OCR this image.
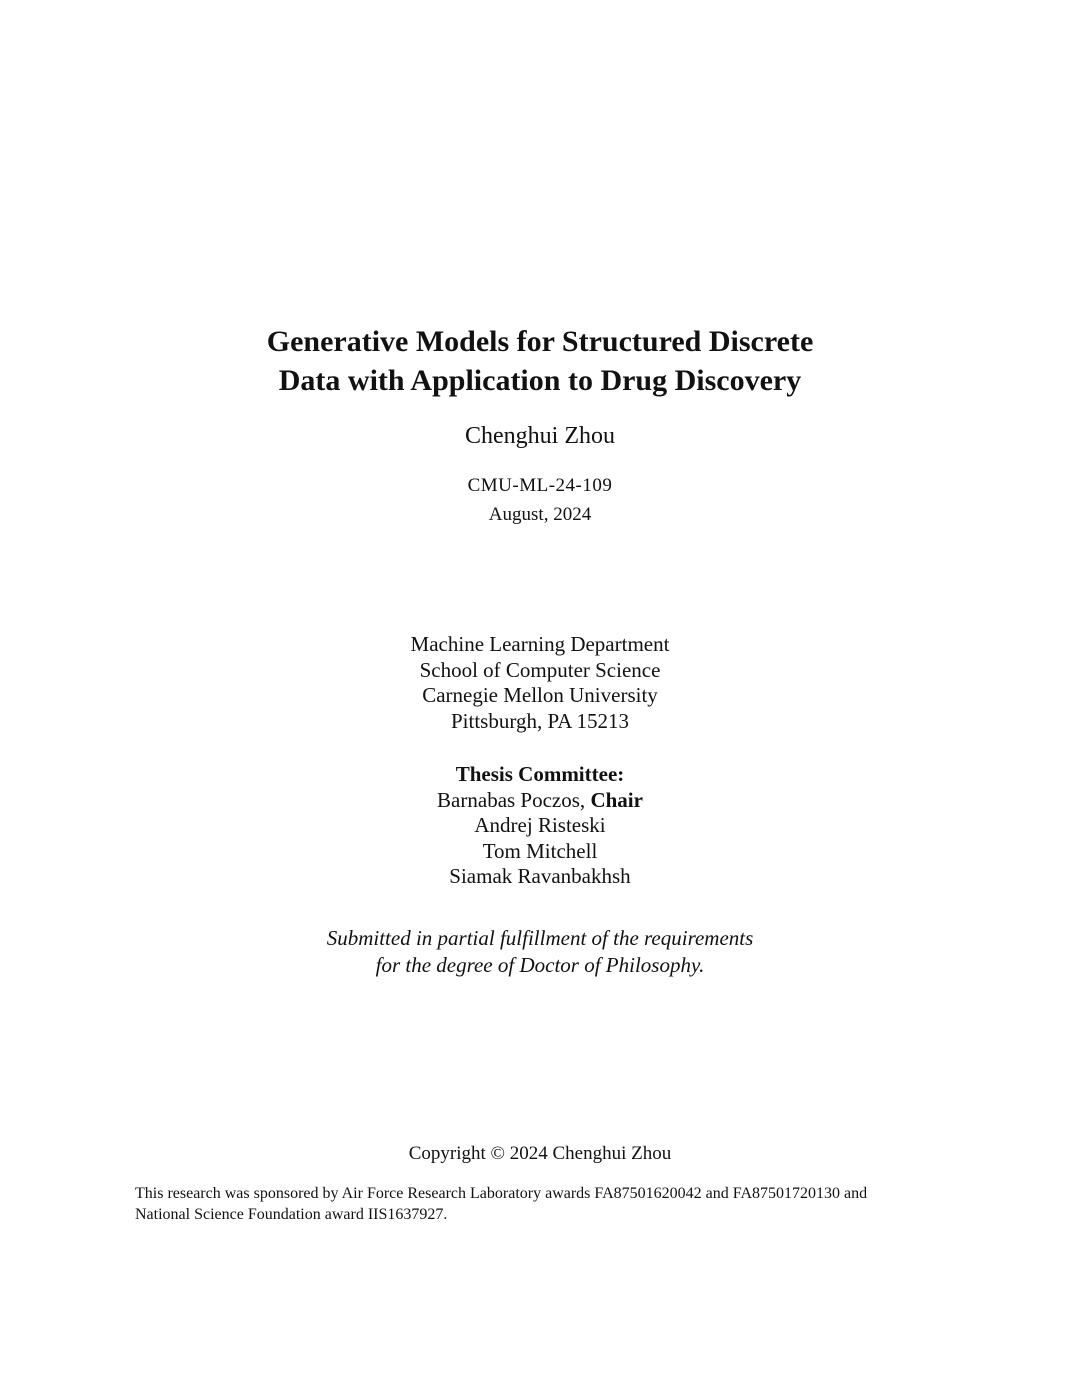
Generative Models for Structured Discrete
Data with Application to Drug Discovery
Chenghui Zhou
CMU-ML-24-109
August, 2024
Machine Learning Department
School of Computer Science
Carnegie Mellon University
Pittsburgh, PA 15213
Thesis Committee:
Barnabas Poczos, Chair
Andrej Risteski
Tom Mitchell
Siamak Ravanbakhsh
Submitted in partial fulfillment of the requirements
for the degree of Doctor of Philosophy.
Copyright © 2024 Chenghui Zhou
This research was sponsored by Air Force Research Laboratory awards FA87501620042 and FA87501720130 and
National Science Foundation award IIS1637927.
